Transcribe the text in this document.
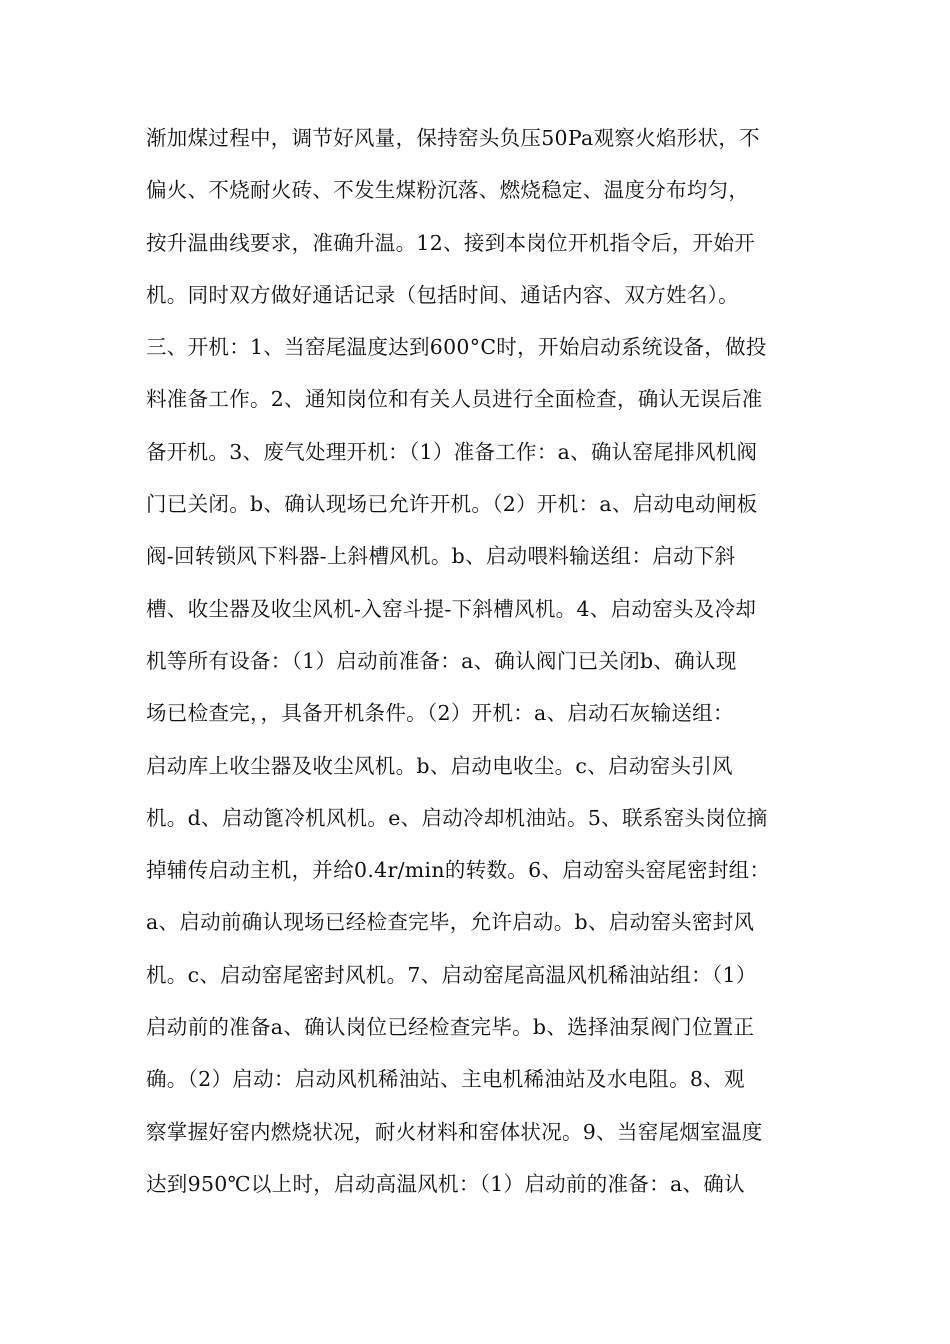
渐加煤过程中，调节好风量，保持窑头负压50Pa观察火焰形状，不
偏火、不烧耐火砖、不发生煤粉沉落、燃烧稳定、温度分布均匀，
按升温曲线要求，准确升温。12、接到本岗位开机指令后，开始开
机。同时双方做好通话记录（包括时间、通话内容、双方姓名）。
三、开机：1、当窑尾温度达到600°C时，开始启动系统设备，做投
料准备工作。2、通知岗位和有关人员进行全面检查，确认无误后准
备开机。3、废气处理开机：（1）准备工作：a、确认窑尾排风机阀
门已关闭。b、确认现场已允许开机。（2）开机：a、启动电动闸板
阀-回转锁风下料器-上斜槽风机。b、启动喂料输送组：启动下斜
槽、收尘器及收尘风机-入窑斗提-下斜槽风机。4、启动窑头及冷却
机等所有设备：（1）启动前准备：a、确认阀门已关闭b、确认现
场已检查完，，具备开机条件。（2）开机：a、启动石灰输送组：
启动库上收尘器及收尘风机。b、启动电收尘。c、启动窑头引风
机。d、启动篦冷机风机。e、启动冷却机油站。5、联系窑头岗位摘
掉辅传启动主机，并给0.4r/min的转数。6、启动窑头窑尾密封组：
a、启动前确认现场已经检查完毕，允许启动。b、启动窑头密封风
机。c、启动窑尾密封风机。7、启动窑尾高温风机稀油站组：（1）
启动前的准备a、确认岗位已经检查完毕。b、选择油泵阀门位置正
确。（2）启动：启动风机稀油站、主电机稀油站及水电阻。8、观
察掌握好窑内燃烧状况，耐火材料和窑体状况。9、当窑尾烟室温度
达到950℃以上时，启动高温风机：（1）启动前的准备：a、确认
